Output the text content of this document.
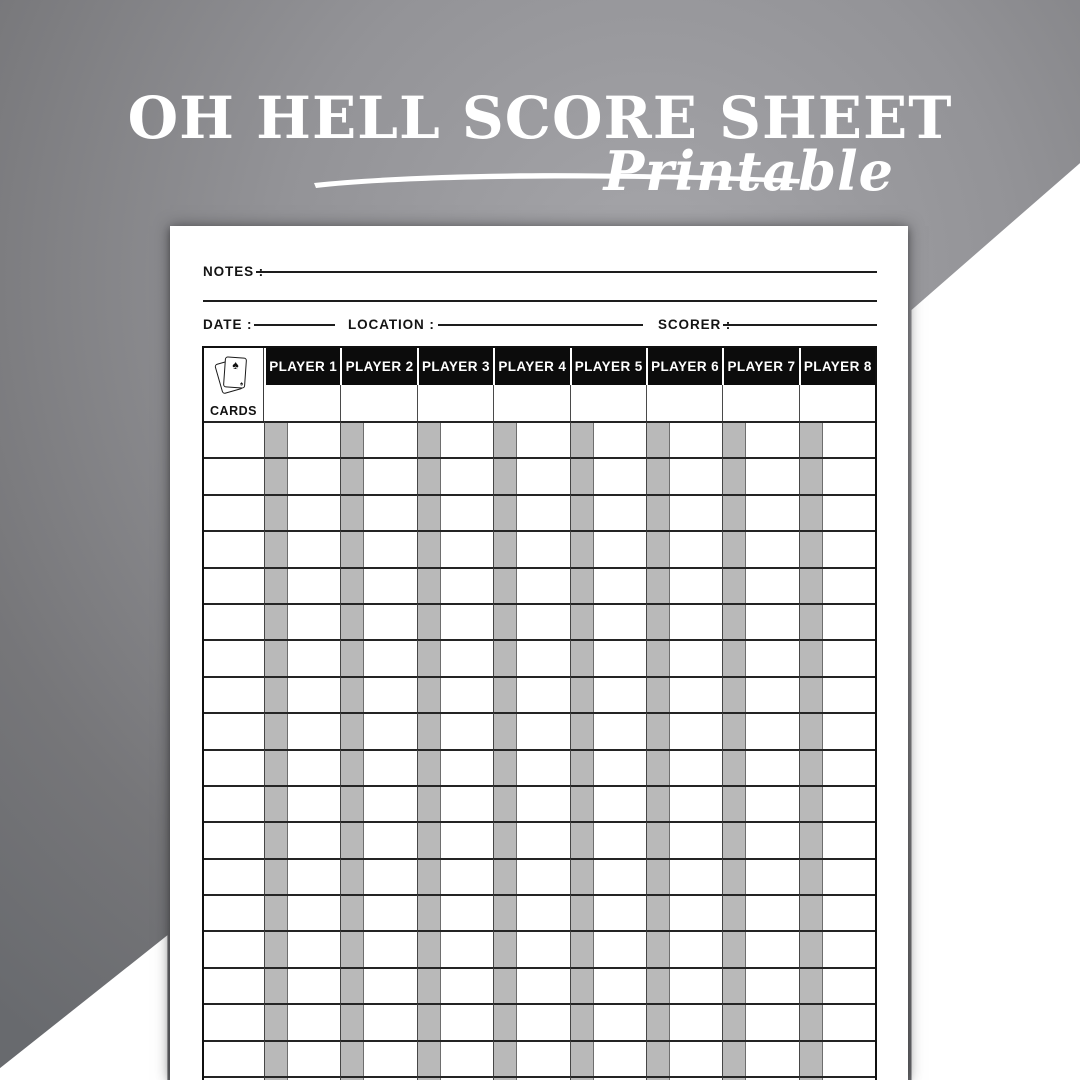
OH HELL SCORE SHEET
Printable
NOTES :
DATE :	LOCATION :	SCORER :
♠
♠
CARDS
PLAYER 1 PLAYER 2 PLAYER 3 PLAYER 4 PLAYER 5 PLAYER 6 PLAYER 7 PLAYER 8
